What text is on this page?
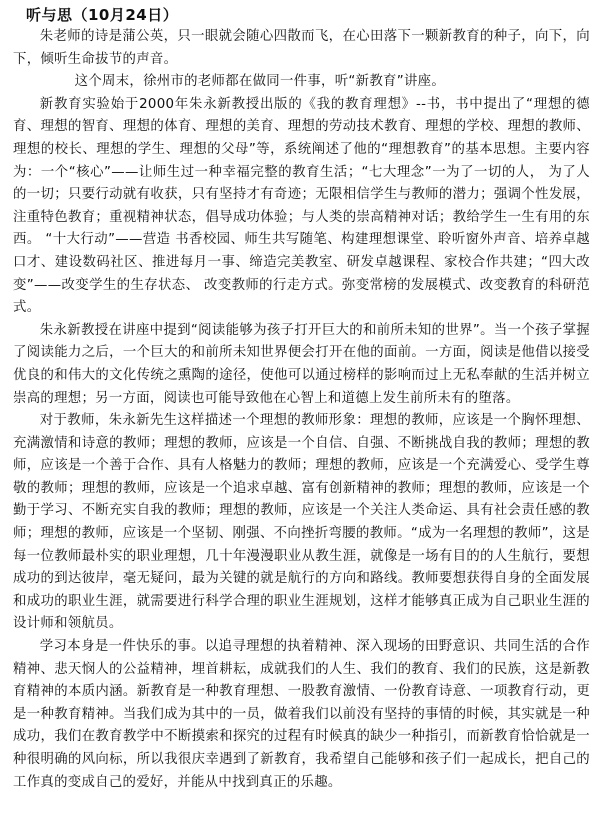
听与思（10月24日）

朱老师的诗是蒲公英，只一眼就会随心四散而飞，在心田落下一颗新教育的种子，向下，向下，倾听生命拔节的声音。

这个周末，徐州市的老师都在做同一件事，听“新教育”讲座。

新教育实验始于2000年朱永新教授出版的《我的教育理想》--书，书中提出了“理想的德育、理想的智育、理想的体育、理想的美育、理想的劳动技术教育、理想的学校、理想的教师、理想的校长、理想的学生、理想的父母”等，系统阐述了他的“理想教育”的基本思想。主要内容为：一个“核心”——让师生过一种幸福完整的教育生活；“七大理念”一为了一切的人， 为了人的一切；只要行动就有收获，只有坚持才有奇迹；无限相信学生与教师的潜力；强调个性发展，注重特色教育；重视精神状态，倡导成功体验；与人类的崇高精神对话；教给学生一生有用的东西。 “十大行动”——营造 书香校园、师生共写随笔、构建理想课堂、聆听窗外声音、培养卓越口才、建设数码社区、推进每月一事、缔造完美教室、研发卓越课程、家校合作共建；“四大改变”——改变学生的生存状态、 改变教师的行走方式。弥变常榜的发展模式、改变教育的科研范式。

朱永新教授在讲座中提到“阅读能够为孩子打开巨大的和前所未知的世界”。当一个孩子掌握了阅读能力之后，一个巨大的和前所未知世界便会打开在他的面前。一方面，阅读是他借以接受优良的和伟大的文化传统之熏陶的途径，使他可以通过榜样的影响而过上无私奉献的生活并树立崇高的理想；另一方面，阅读也可能导致他在心智上和道德上发生前所未有的堕落。

对于教师，朱永新先生这样描述一个理想的教师形象：理想的教师，应该是一个胸怀理想、充满激情和诗意的教师；理想的教师，应该是一个自信、自强、不断挑战自我的教师；理想的教师，应该是一个善于合作、具有人格魅力的教师；理想的教师，应该是一个充满爱心、受学生尊敬的教师；理想的教师，应该是一个追求卓越、富有创新精神的教师；理想的教师，应该是一个勤于学习、不断充实自我的教师；理想的教师，应该是一个关注人类命运、具有社会责任感的教师；理想的教师，应该是一个坚韧、刚强、不向挫折弯腰的教师。“成为一名理想的教师”，这是每一位教师最朴实的职业理想，几十年漫漫职业从教生涯，就像是一场有目的的人生航行，要想成功的到达彼岸，毫无疑问，最为关键的就是航行的方向和路线。教师要想获得自身的全面发展和成功的职业生涯，就需要进行科学合理的职业生涯规划，这样才能够真正成为自己职业生涯的设计师和领航员。

学习本身是一件快乐的事。以追寻理想的执着精神、深入现场的田野意识、共同生活的合作精神、悲天悯人的公益精神，埋首耕耘，成就我们的人生、我们的教育、我们的民族，这是新教育精神的本质内涵。新教育是一种教育理想、一股教育激情、一份教育诗意、一项教育行动，更是一种教育精神。当我们成为其中的一员，做着我们以前没有坚持的事情的时候，其实就是一种成功，我们在教育教学中不断摸索和探究的过程有时候真的缺少一种指引，而新教育恰恰就是一种很明确的风向标，所以我很庆幸遇到了新教育，我希望自己能够和孩子们一起成长，把自己的工作真的变成自己的爱好，并能从中找到真正的乐趣。
